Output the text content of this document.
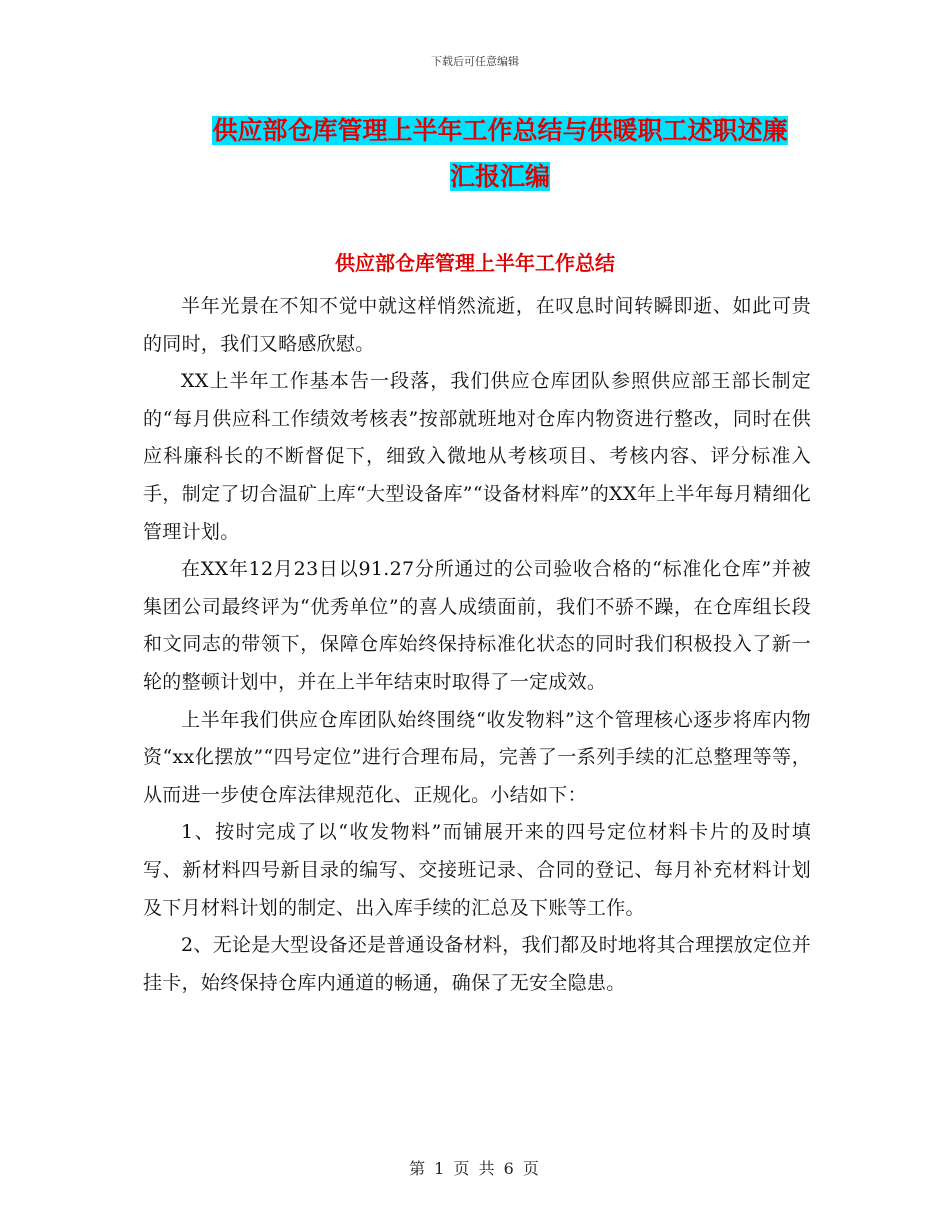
下载后可任意编辑
供应部仓库管理上半年工作总结与供暖职工述职述廉
汇报汇编
供应部仓库管理上半年工作总结

半年光景在不知不觉中就这样悄然流逝，在叹息时间转瞬即逝、如此可贵的同时，我们又略感欣慰。

XX上半年工作基本告一段落，我们供应仓库团队参照供应部王部长制定的“每月供应科工作绩效考核表”按部就班地对仓库内物资进行整改，同时在供应科廉科长的不断督促下，细致入微地从考核项目、考核内容、评分标准入手，制定了切合温矿上库“大型设备库”“设备材料库”的XX年上半年每月精细化管理计划。

在XX年12月23日以91.27分所通过的公司验收合格的“标准化仓库”并被集团公司最终评为“优秀单位”的喜人成绩面前，我们不骄不躁，在仓库组长段和文同志的带领下，保障仓库始终保持标准化状态的同时我们积极投入了新一轮的整顿计划中，并在上半年结束时取得了一定成效。

上半年我们供应仓库团队始终围绕“收发物料”这个管理核心逐步将库内物资“xx化摆放”“四号定位”进行合理布局，完善了一系列手续的汇总整理等等，从而进一步使仓库法律规范化、正规化。小结如下：

1、按时完成了以“收发物料”而铺展开来的四号定位材料卡片的及时填写、新材料四号新目录的编写、交接班记录、合同的登记、每月补充材料计划及下月材料计划的制定、出入库手续的汇总及下账等工作。

2、无论是大型设备还是普通设备材料，我们都及时地将其合理摆放定位并挂卡，始终保持仓库内通道的畅通，确保了无安全隐患。

第 1 页 共 6 页
